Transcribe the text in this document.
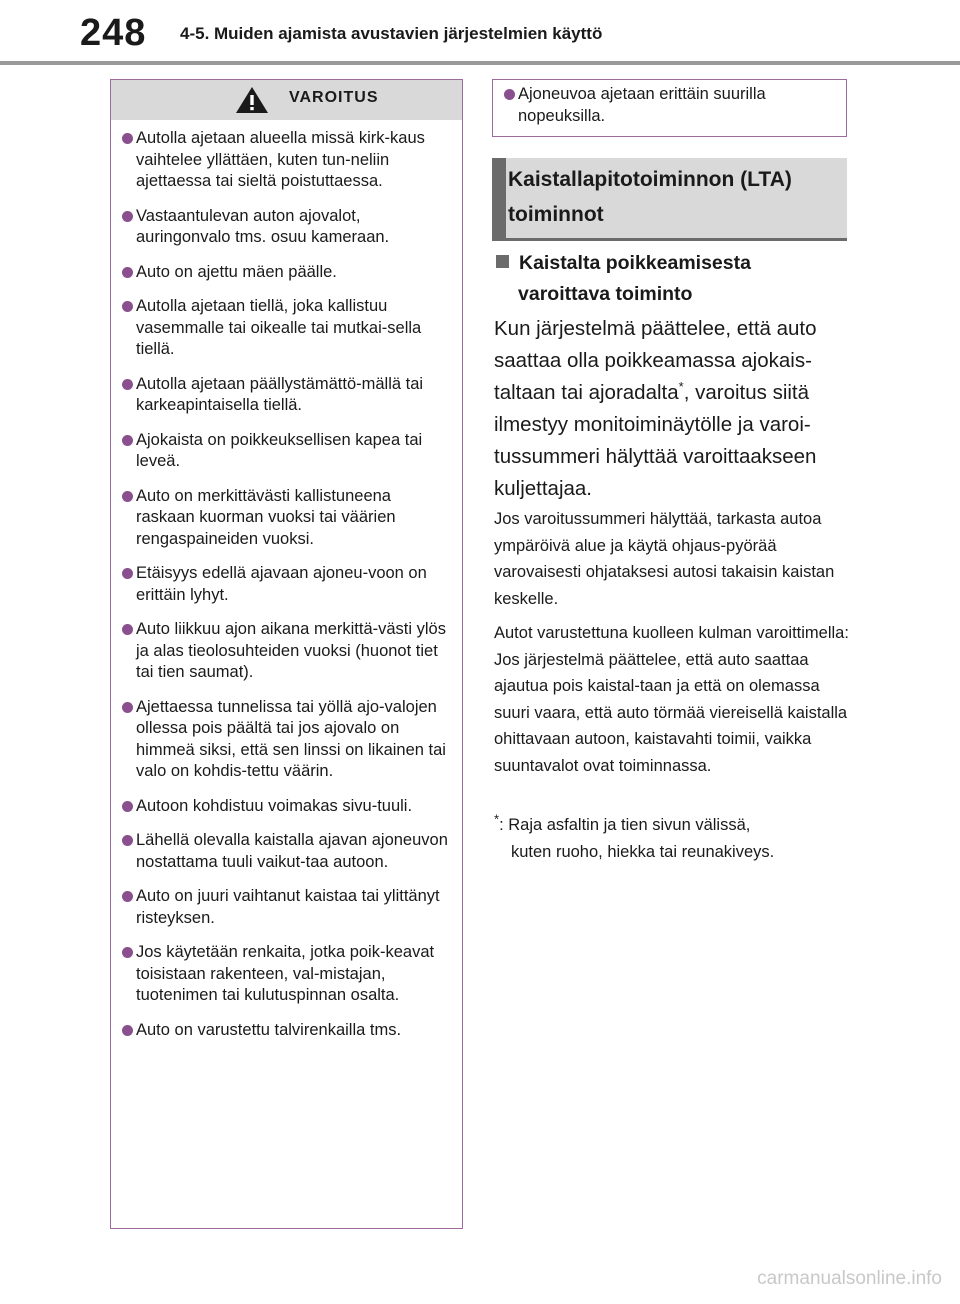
248 4-5. Muiden ajamista avustavien järjestelmien käyttö
VAROITUS
Autolla ajetaan alueella missä kirk-kaus vaihtelee yllättäen, kuten tun-neliin ajettaessa tai sieltä poistuttaessa.
Vastaantulevan auton ajovalot, auringonvalo tms. osuu kameraan.
Auto on ajettu mäen päälle.
Autolla ajetaan tiellä, joka kallistuu vasemmalle tai oikealle tai mutkai-sella tiellä.
Autolla ajetaan päällystämättö-mällä tai karkeapintaisella tiellä.
Ajokaista on poikkeuksellisen kapea tai leveä.
Auto on merkittävästi kallistuneena raskaan kuorman vuoksi tai väärien rengaspaineiden vuoksi.
Etäisyys edellä ajavaan ajoneu-voon on erittäin lyhyt.
Auto liikkuu ajon aikana merkittä-västi ylös ja alas tieolosuhteiden vuoksi (huonot tiet tai tien saumat).
Ajettaessa tunnelissa tai yöllä ajo-valojen ollessa pois päältä tai jos ajovalo on himmeä siksi, että sen linssi on likainen tai valo on kohdis-tettu väärin.
Autoon kohdistuu voimakas sivu-tuuli.
Lähellä olevalla kaistalla ajavan ajoneuvon nostattama tuuli vaikut-taa autoon.
Auto on juuri vaihtanut kaistaa tai ylittänyt risteyksen.
Jos käytetään renkaita, jotka poik-keavat toisistaan rakenteen, val-mistajan, tuotenimen tai kulutuspinnan osalta.
Auto on varustettu talvirenkailla tms.
Ajoneuvoa ajetaan erittäin suurilla nopeuksilla.
Kaistallapitotoiminnon (LTA) toiminnot
Kaistalta poikkeamisesta
varoittava toiminto
Kun järjestelmä päättelee, että auto saattaa olla poikkeamassa ajokais-taltaan tai ajoradalta*, varoitus siitä ilmestyy monitoiminäytölle ja varoi-tussummeri hälyttää varoittaakseen kuljettajaa.

Jos varoitussummeri hälyttää, tarkasta autoa ympäröivä alue ja käytä ohjaus-pyörää varovaisesti ohjataksesi autosi takaisin kaistan keskelle.

Autot varustettuna kuolleen kulman varoittimella: Jos järjestelmä päättelee, että auto saattaa ajautua pois kaistal-taan ja että on olemassa suuri vaara, että auto törmää viereisellä kaistalla ohittavaan autoon, kaistavahti toimii, vaikka suuntavalot ovat toiminnassa.

*: Raja asfaltin ja tien sivun välissä,
kuten ruoho, hiekka tai reunakiveys.
carmanualsonline.info
